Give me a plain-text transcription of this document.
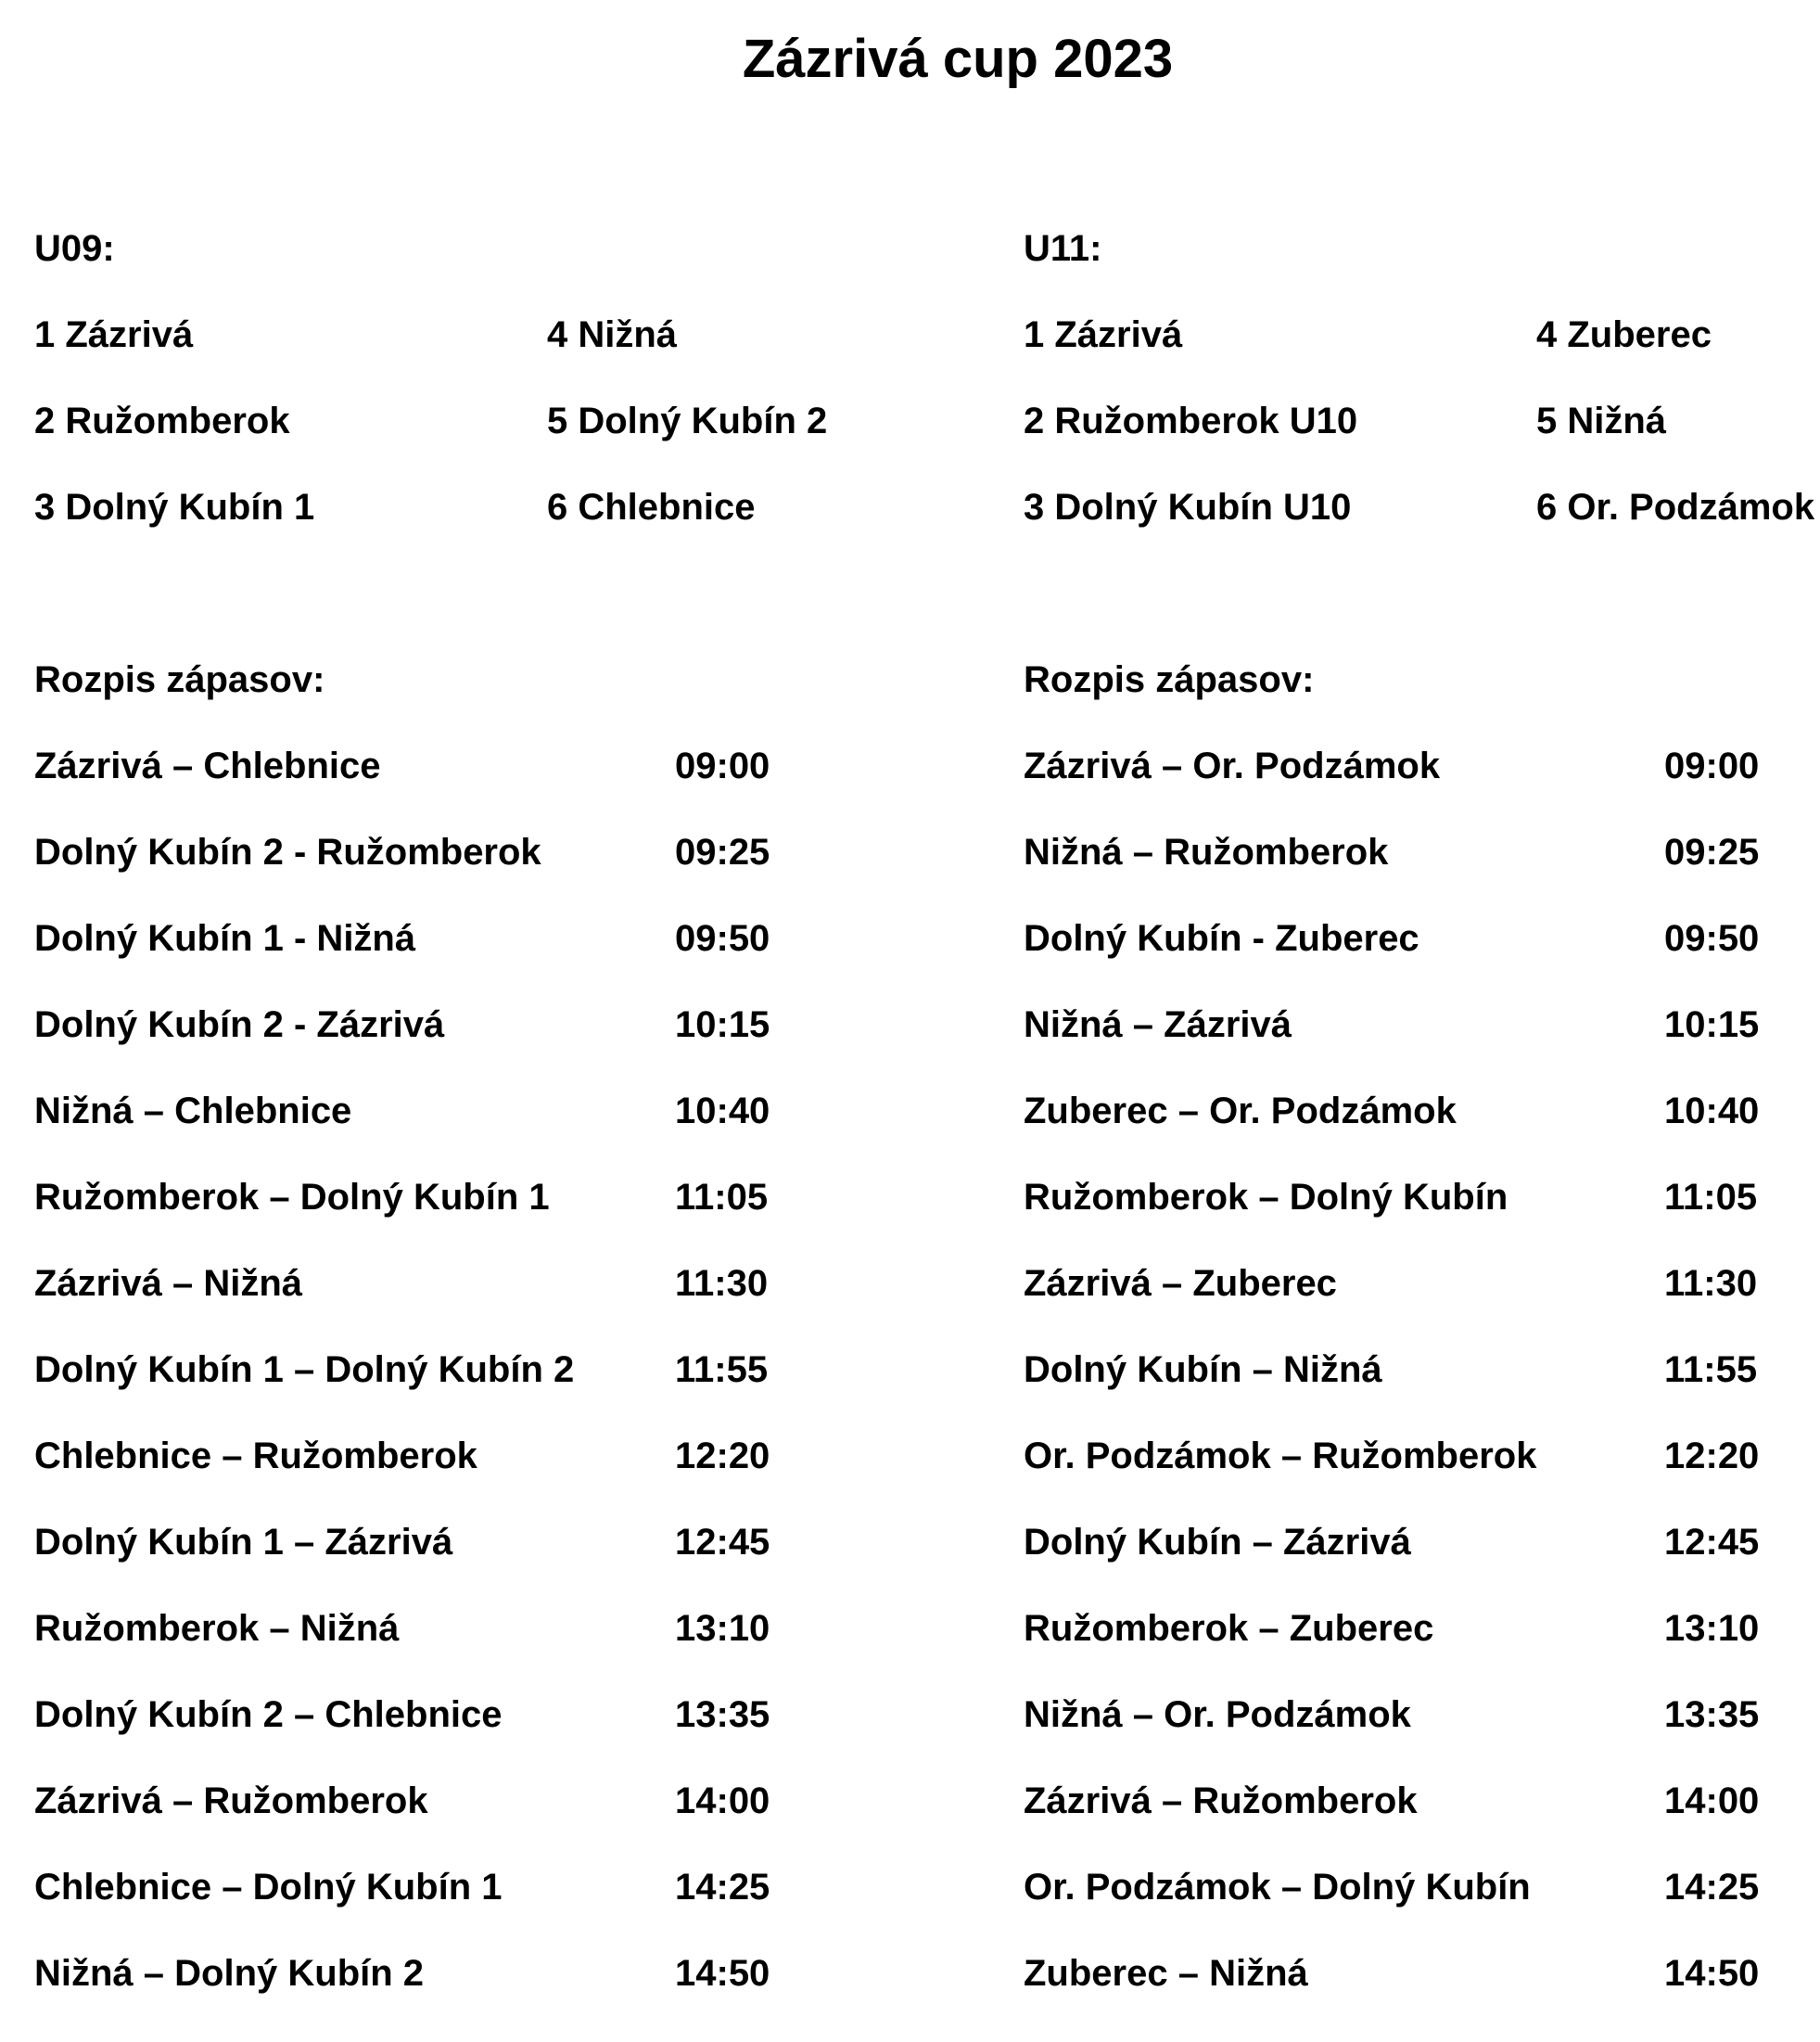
Zázrivá cup 2023
U09:
1 Zázrivá
2 Ružomberok
3 Dolný Kubín 1
4 Nižná
5 Dolný Kubín 2
6 Chlebnice
Rozpis zápasov:
Zázrivá – Chlebnice	09:00
Dolný Kubín 2 - Ružomberok	09:25
Dolný Kubín 1 - Nižná	09:50
Dolný Kubín 2 - Zázrivá	10:15
Nižná – Chlebnice	10:40
Ružomberok – Dolný Kubín 1	11:05
Zázrivá – Nižná	11:30
Dolný Kubín 1 – Dolný Kubín 2	11:55
Chlebnice – Ružomberok	12:20
Dolný Kubín 1 – Zázrivá	12:45
Ružomberok – Nižná	13:10
Dolný Kubín 2 – Chlebnice	13:35
Zázrivá – Ružomberok	14:00
Chlebnice – Dolný Kubín 1	14:25
Nižná – Dolný Kubín 2	14:50
U11:
1 Zázrivá
2 Ružomberok U10
3 Dolný Kubín U10
4 Zuberec
5 Nižná
6 Or. Podzámok
Rozpis zápasov:
Zázrivá – Or. Podzámok	09:00
Nižná – Ružomberok	09:25
Dolný Kubín - Zuberec	09:50
Nižná – Zázrivá	10:15
Zuberec – Or. Podzámok	10:40
Ružomberok – Dolný Kubín	11:05
Zázrivá – Zuberec	11:30
Dolný Kubín – Nižná	11:55
Or. Podzámok – Ružomberok	12:20
Dolný Kubín – Zázrivá	12:45
Ružomberok – Zuberec	13:10
Nižná – Or. Podzámok	13:35
Zázrivá – Ružomberok	14:00
Or. Podzámok – Dolný Kubín	14:25
Zuberec – Nižná	14:50
